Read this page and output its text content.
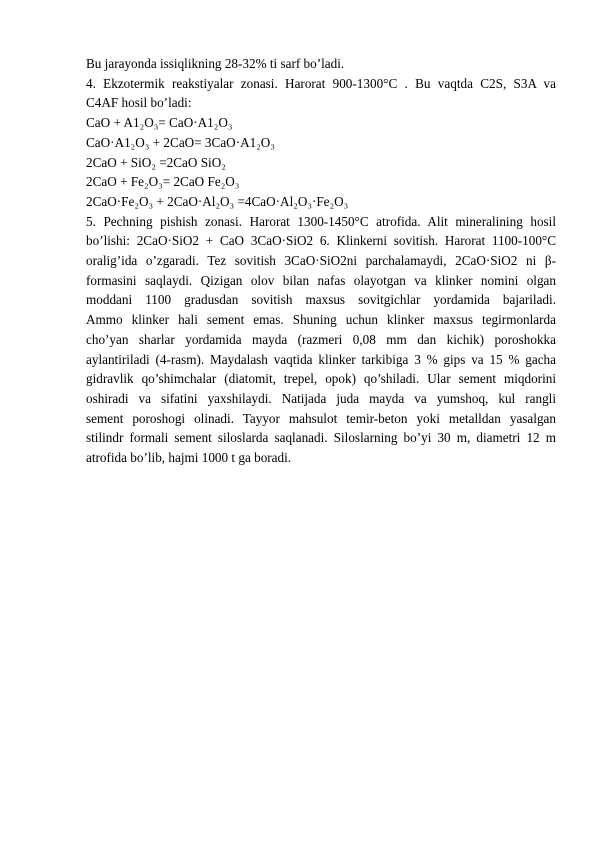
Bu jarayonda issiqlikning 28-32% ti sarf bo’ladi.
4. Ekzotermik reakstiyalar zonasi. Harorat 900-1300°C . Bu vaqtda C2S, S3A va
C4AF hosil bo’ladi:
CaO + A1₂O₃= CaO·A1₂O₃
CaO·A1₂O₃ + 2CaO= 3CaO·A1₂O₃
2CaO + SiO₂ =2CaO SiO₂
2CaO + Fe₂O₃= 2CaO Fe₂O₃
2CaO·Fe₂O₃ + 2CaO·Al₂O₃ =4CaO·Al₂O₃·Fe₂O₃
5. Pechning pishish zonasi. Harorat 1300-1450°C atrofida. Alit mineralining hosil
bo’lishi: 2CaO·SiO2 + CaO 3CaO·SiO2 6. Klinkerni sovitish. Harorat 1100-100°C
oralig’ida o’zgaradi. Tez sovitish 3CaO·SiO2ni parchalamaydi, 2CaO·SiO2 ni β-
formasini saqlaydi. Qizigan olov bilan nafas olayotgan va klinker nomini olgan
moddani 1100 gradusdan sovitish maxsus sovitgichlar yordamida bajariladi.
Ammo klinker hali sement emas. Shuning uchun klinker maxsus tegirmonlarda
cho’yan sharlar yordamida mayda (razmeri 0,08 mm dan kichik) poroshokka
aylantiriladi (4-rasm). Maydalash vaqtida klinker tarkibiga 3 % gips va 15 % gacha
gidravlik qo’shimchalar (diatomit, trepel, opok) qo’shiladi. Ular sement miqdorini
oshiradi va sifatini yaxshilaydi. Natijada juda mayda va yumshoq, kul rangli
sement poroshogi olinadi. Tayyor mahsulot temir-beton yoki metalldan yasalgan
stilindr formali sement siloslarda saqlanadi. Siloslarning bo’yi 30 m, diametri 12 m
atrofida bo’lib, hajmi 1000 t ga boradi.
